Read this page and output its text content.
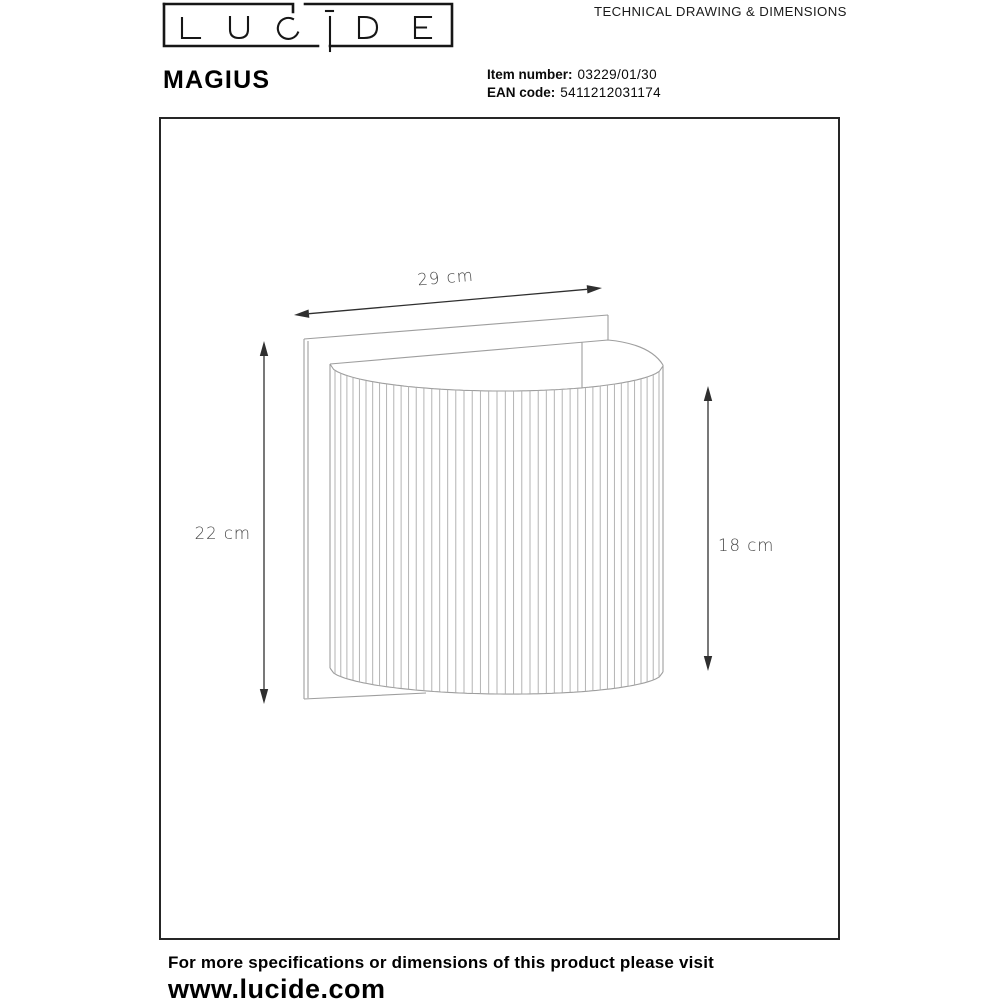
TECHNICAL DRAWING & DIMENSIONS
MAGIUS	Item number: 03229/01/30
EAN code: 5411212031174
29 cm
22 cm
18 cm
For more specifications or dimensions of this product please visit
www.lucide.com
